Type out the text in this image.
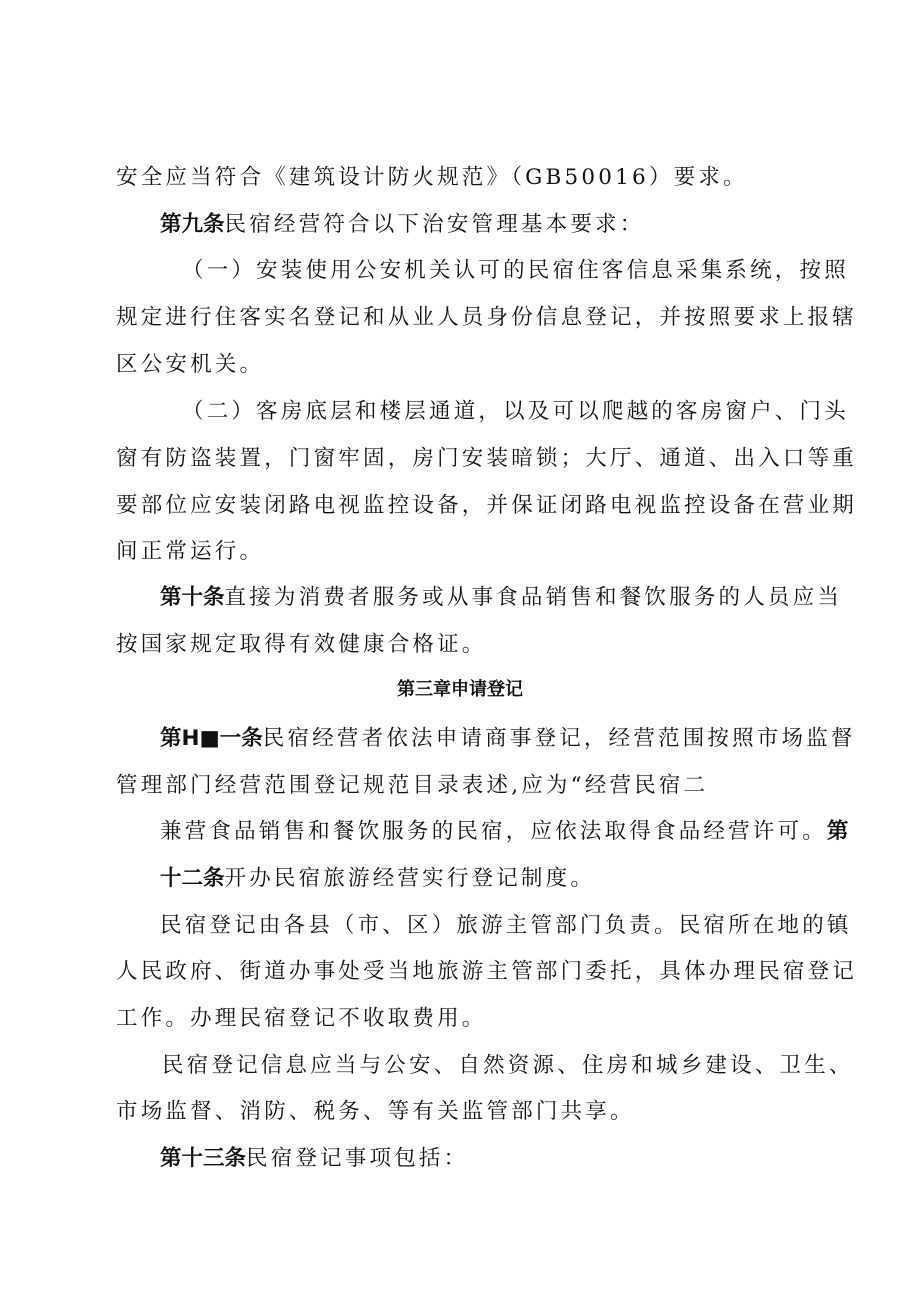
安全应当符合《建筑设计防火规范》（GB50016）要求。
第九条民宿经营符合以下治安管理基本要求：
（一）安装使用公安机关认可的民宿住客信息采集系统，按照
规定进行住客实名登记和从业人员身份信息登记，并按照要求上报辖
区公安机关。
（二）客房底层和楼层通道，以及可以爬越的客房窗户、门头
窗有防盗装置，门窗牢固，房门安装暗锁；大厅、通道、出入口等重
要部位应安装闭路电视监控设备，并保证闭路电视监控设备在营业期
间正常运行。
第十条直接为消费者服务或从事食品销售和餐饮服务的人员应当
按国家规定取得有效健康合格证。
第三章申请登记
第H■一条民宿经营者依法申请商事登记，经营范围按照市场监督
管理部门经营范围登记规范目录表述,应为“经营民宿二
兼营食品销售和餐饮服务的民宿，应依法取得食品经营许可。第
十二条开办民宿旅游经营实行登记制度。
民宿登记由各县（市、区）旅游主管部门负责。民宿所在地的镇
人民政府、街道办事处受当地旅游主管部门委托，具体办理民宿登记
工作。办理民宿登记不收取费用。
民宿登记信息应当与公安、自然资源、住房和城乡建设、卫生、
市场监督、消防、税务、等有关监管部门共享。
第十三条民宿登记事项包括：
